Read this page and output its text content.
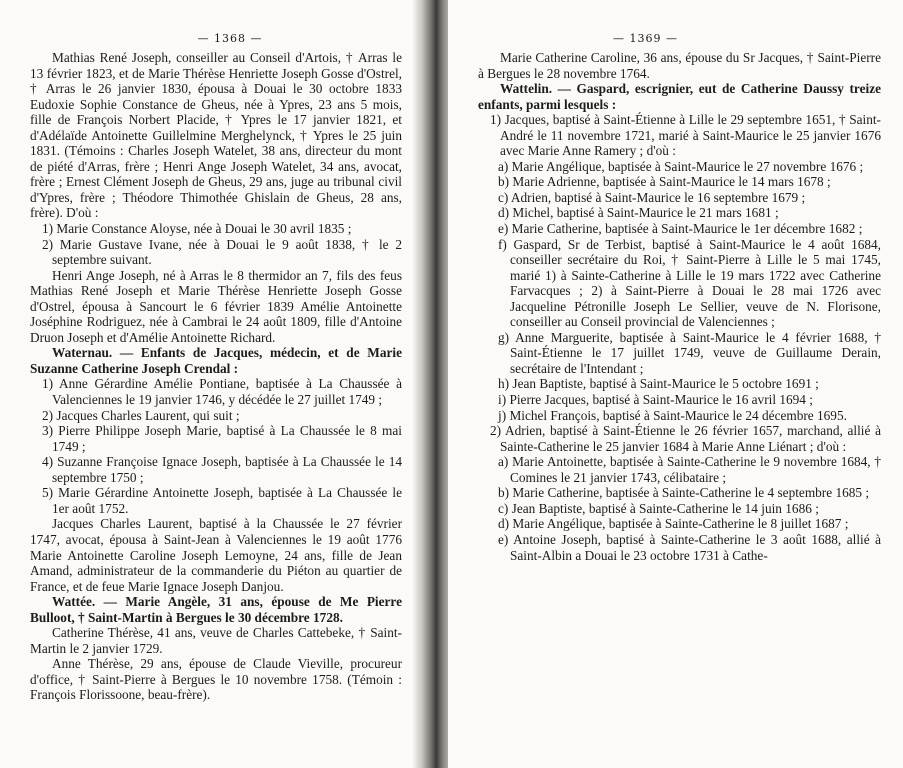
— 1368 —

Mathias René Joseph, conseiller au Conseil d'Artois, † Arras le 13 février 1823, et de Marie Thérèse Henriette Joseph Gosse d'Ostrel, † Arras le 26 janvier 1830, épousa à Douai le 30 octobre 1833 Eudoxie Sophie Constance de Gheus, née à Ypres, 23 ans 5 mois, fille de François Norbert Placide, † Ypres le 17 janvier 1821, et d'Adélaïde Antoinette Guillelmine Merghelynck, † Ypres le 25 juin 1831. (Témoins : Charles Joseph Watelet, 38 ans, directeur du mont de piété d'Arras, frère ; Henri Ange Joseph Watelet, 34 ans, avocat, frère ; Ernest Clément Joseph de Gheus, 29 ans, juge au tribunal civil d'Ypres, frère ; Théodore Thimothée Ghislain de Gheus, 28 ans, frère). D'où :

1) Marie Constance Aloyse, née à Douai le 30 avril 1835 ;

2) Marie Gustave Ivane, née à Douai le 9 août 1838, † le 2 septembre suivant.

Henri Ange Joseph, né à Arras le 8 thermidor an 7, fils des feus Mathias René Joseph et Marie Thérèse Henriette Joseph Gosse d'Ostrel, épousa à Sancourt le 6 février 1839 Amélie Antoinette Joséphine Rodriguez, née à Cambrai le 24 août 1809, fille d'Antoine Druon Joseph et d'Amélie Antoinette Richard.

Waternau. — Enfants de Jacques, médecin, et de Marie Suzanne Catherine Joseph Crendal :

1) Anne Gérardine Amélie Pontiane, baptisée à La Chaussée à Valenciennes le 19 janvier 1746, y décédée le 27 juillet 1749 ;

2) Jacques Charles Laurent, qui suit ;

3) Pierre Philippe Joseph Marie, baptisé à La Chaussée le 8 mai 1749 ;

4) Suzanne Françoise Ignace Joseph, baptisée à La Chaussée le 14 septembre 1750 ;

5) Marie Gérardine Antoinette Joseph, baptisée à La Chaussée le 1er août 1752.

Jacques Charles Laurent, baptisé à la Chaussée le 27 février 1747, avocat, épousa à Saint-Jean à Valenciennes le 19 août 1776 Marie Antoinette Caroline Joseph Lemoyne, 24 ans, fille de Jean Amand, administrateur de la commanderie du Piéton au quartier de France, et de feue Marie Ignace Joseph Danjou.

Wattée. — Marie Angèle, 31 ans, épouse de Me Pierre Bulloot, † Saint-Martin à Bergues le 30 décembre 1728.

Catherine Thérèse, 41 ans, veuve de Charles Cattebeke, † Saint-Martin le 2 janvier 1729.

Anne Thérèse, 29 ans, épouse de Claude Vieville, procureur d'office, † Saint-Pierre à Bergues le 10 novembre 1758. (Témoin : François Florissoone, beau-frère).

— 1369 —

Marie Catherine Caroline, 36 ans, épouse du Sr Jacques, † Saint-Pierre à Bergues le 28 novembre 1764.

Wattelin. — Gaspard, escrignier, eut de Catherine Daussy treize enfants, parmi lesquels :

1) Jacques, baptisé à Saint-Étienne à Lille le 29 septembre 1651, † Saint-André le 11 novembre 1721, marié à Saint-Maurice le 25 janvier 1676 avec Marie Anne Ramery ; d'où :

a) Marie Angélique, baptisée à Saint-Maurice le 27 novembre 1676 ;

b) Marie Adrienne, baptisée à Saint-Maurice le 14 mars 1678 ;

c) Adrien, baptisé à Saint-Maurice le 16 septembre 1679 ;

d) Michel, baptisé à Saint-Maurice le 21 mars 1681 ;

e) Marie Catherine, baptisée à Saint-Maurice le 1er décembre 1682 ;

f) Gaspard, Sr de Terbist, baptisé à Saint-Maurice le 4 août 1684, conseiller secrétaire du Roi, † Saint-Pierre à Lille le 5 mai 1745, marié 1) à Sainte-Catherine à Lille le 19 mars 1722 avec Catherine Farvacques ; 2) à Saint-Pierre à Douai le 28 mai 1726 avec Jacqueline Pétronille Joseph Le Sellier, veuve de N. Florisone, conseiller au Conseil provincial de Valenciennes ;

g) Anne Marguerite, baptisée à Saint-Maurice le 4 février 1688, † Saint-Étienne le 17 juillet 1749, veuve de Guillaume Derain, secrétaire de l'Intendant ;

h) Jean Baptiste, baptisé à Saint-Maurice le 5 octobre 1691 ;

i) Pierre Jacques, baptisé à Saint-Maurice le 16 avril 1694 ;

j) Michel François, baptisé à Saint-Maurice le 24 décembre 1695.

2) Adrien, baptisé à Saint-Étienne le 26 février 1657, marchand, allié à Sainte-Catherine le 25 janvier 1684 à Marie Anne Liénart ; d'où :

a) Marie Antoinette, baptisée à Sainte-Catherine le 9 novembre 1684, † Comines le 21 janvier 1743, célibataire ;

b) Marie Catherine, baptisée à Sainte-Catherine le 4 septembre 1685 ;

c) Jean Baptiste, baptisé à Sainte-Catherine le 14 juin 1686 ;

d) Marie Angélique, baptisée à Sainte-Catherine le 8 juillet 1687 ;

e) Antoine Joseph, baptisé à Sainte-Catherine le 3 août 1688, allié à Saint-Albin a Douai le 23 octobre 1731 à Cathe-
